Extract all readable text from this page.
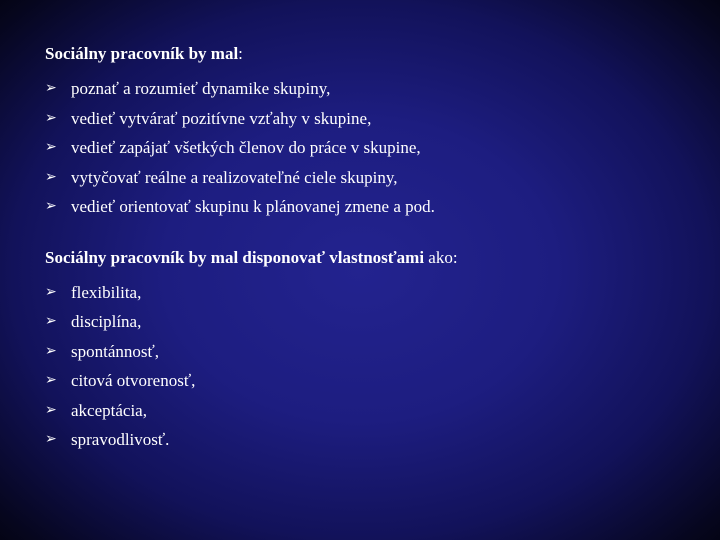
Sociálny pracovník by mal:

➢ poznať a rozumieť dynamike skupiny,
➢ vedieť vytvárať pozitívne vzťahy v skupine,
➢ vedieť zapájať všetkých členov do práce v skupine,
➢ vytyčovať reálne a realizovateľné ciele skupiny,
➢ vedieť orientovať skupinu k plánovanej zmene a pod.

Sociálny pracovník by mal disponovať vlastnosťami ako:

➢ flexibilita,
➢ disciplína,
➢ spontánnosť,
➢ citová otvorenosť,
➢ akceptácia,
➢ spravodlivosť.
